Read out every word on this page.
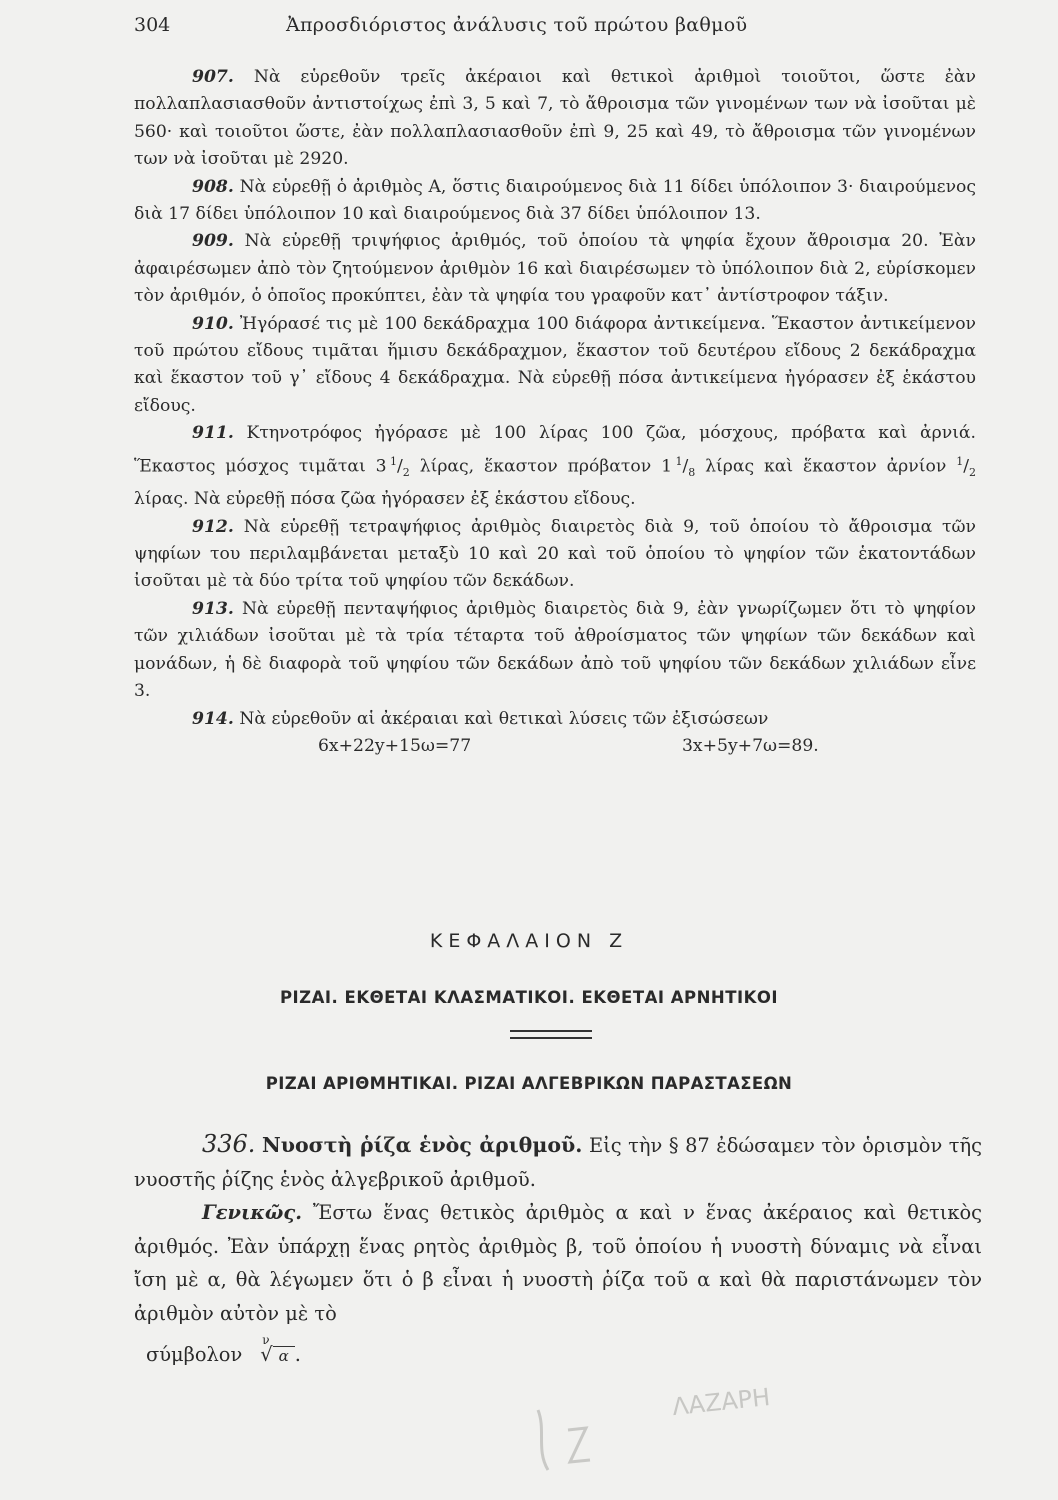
304	Ἀπροσδιόριστος ἀνάλυσις τοῦ πρώτου βαθμοῦ

907. Νὰ εὑρεθοῦν τρεῖς ἀκέραιοι καὶ θετικοὶ ἀριθμοὶ τοιοῦτοι, ὥστε ἐὰν πολλαπλασιασθοῦν ἀντιστοίχως ἐπὶ 3, 5 καὶ 7, τὸ ἄθροισμα τῶν γινομένων των νὰ ἰσοῦται μὲ 560· καὶ τοιοῦτοι ὥστε, ἐὰν πολλαπλασιασθοῦν ἐπὶ 9, 25 καὶ 49, τὸ ἄθροισμα τῶν γινομένων των νὰ ἰσοῦται μὲ 2920.

908. Νὰ εὑρεθῇ ὁ ἀριθμὸς Α, ὅστις διαιρούμενος διὰ 11 δίδει ὑπόλοιπον 3· διαιρούμενος διὰ 17 δίδει ὑπόλοιπον 10 καὶ διαιρούμενος διὰ 37 δίδει ὑπόλοιπον 13.

909. Νὰ εὑρεθῇ τριψήφιος ἀριθμός, τοῦ ὁποίου τὰ ψηφία ἔχουν ἄθροισμα 20. Ἐὰν ἀφαιρέσωμεν ἀπὸ τὸν ζητούμενον ἀριθμὸν 16 καὶ διαιρέσωμεν τὸ ὑπόλοιπον διὰ 2, εὑρίσκομεν τὸν ἀριθμόν, ὁ ὁποῖος προκύπτει, ἐὰν τὰ ψηφία του γραφοῦν κατ᾽ ἀντίστροφον τάξιν.

910. Ἠγόρασέ τις μὲ 100 δεκάδραχμα 100 διάφορα ἀντικείμενα. Ἕκαστον ἀντικείμενον τοῦ πρώτου εἴδους τιμᾶται ἥμισυ δεκάδραχμον, ἕκαστον τοῦ δευτέρου εἴδους 2 δεκάδραχμα καὶ ἕκαστον τοῦ γ᾽ εἴδους 4 δεκάδραχμα. Νὰ εὑρεθῇ πόσα ἀντικείμενα ἠγόρασεν ἐξ ἑκάστου εἴδους.

911. Κτηνοτρόφος ἠγόρασε μὲ 100 λίρας 100 ζῶα, μόσχους, πρόβατα καὶ ἀρνιά. Ἕκαστος μόσχος τιμᾶται 3  $^1/_2$ λίρας, ἕκαστον πρόβατον 1  $^1/_8$ λίρας καὶ ἕκαστον ἀρνίον $^1/_2$ λίρας. Νὰ εὑρεθῇ πόσα ζῶα ἠγόρασεν ἐξ ἑκάστου εἴδους.

912. Νὰ εὑρεθῇ τετραψήφιος ἀριθμὸς διαιρετὸς διὰ 9, τοῦ ὁποίου τὸ ἄθροισμα τῶν ψηφίων του περιλαμβάνεται μεταξὺ 10 καὶ 20 καὶ τοῦ ὁποίου τὸ ψηφίον τῶν ἑκατοντάδων ἰσοῦται μὲ τὰ δύο τρίτα τοῦ ψηφίου τῶν δεκάδων.

913. Νὰ εὑρεθῇ πενταψήφιος ἀριθμὸς διαιρετὸς διὰ 9, ἐὰν γνωρίζωμεν ὅτι τὸ ψηφίον τῶν χιλιάδων ἰσοῦται μὲ τὰ τρία τέταρτα τοῦ ἀθροίσματος τῶν ψηφίων τῶν δεκάδων καὶ μονάδων, ἡ δὲ διαφορὰ τοῦ ψηφίου τῶν δεκάδων ἀπὸ τοῦ ψηφίου τῶν δεκάδων χιλιάδων εἶνε 3.

914. Νὰ εὑρεθοῦν αἱ ἀκέραιαι καὶ θετικαὶ λύσεις τῶν ἐξισώσεων

6x+22y+15ω=77	3x+5y+7ω=89.
ΚΕΦΑΛΑΙΟΝ Ζ
ΡΙΖΑΙ. ΕΚΘΕΤΑΙ ΚΛΑΣΜΑΤΙΚΟΙ. ΕΚΘΕΤΑΙ ΑΡΝΗΤΙΚΟΙ
ΡΙΖΑΙ ΑΡΙΘΜΗΤΙΚΑΙ. ΡΙΖΑΙ ΑΛΓΕΒΡΙΚΩΝ ΠΑΡΑΣΤΑΣΕΩΝ

336. Νυοστὴ ῥίζα ἑνὸς ἀριθμοῦ. Εἰς τὴν § 87 ἐδώσαμεν τὸν ὁρισμὸν τῆς νυοστῆς ῥίζης ἑνὸς ἀλγεβρικοῦ ἀριθμοῦ.

Γενικῶς. Ἔστω ἕνας θετικὸς ἀριθμὸς α καὶ ν ἕνας ἀκέραιος καὶ θετικὸς ἀριθμός. Ἐὰν ὑπάρχῃ ἕνας ρητὸς ἀριθμὸς β, τοῦ ὁποίου ἡ νυοστὴ δύναμις νὰ εἶναι ἴση μὲ α, θὰ λέγωμεν ὅτι ὁ β εἶναι ἡ νυοστὴ ῥίζα τοῦ α καὶ θὰ παριστάνωμεν τὸν ἀριθμὸν αὐτὸν μὲ τὸ

σύμβολον
ν
√ α .

ΛΑΖΑΡΗ
